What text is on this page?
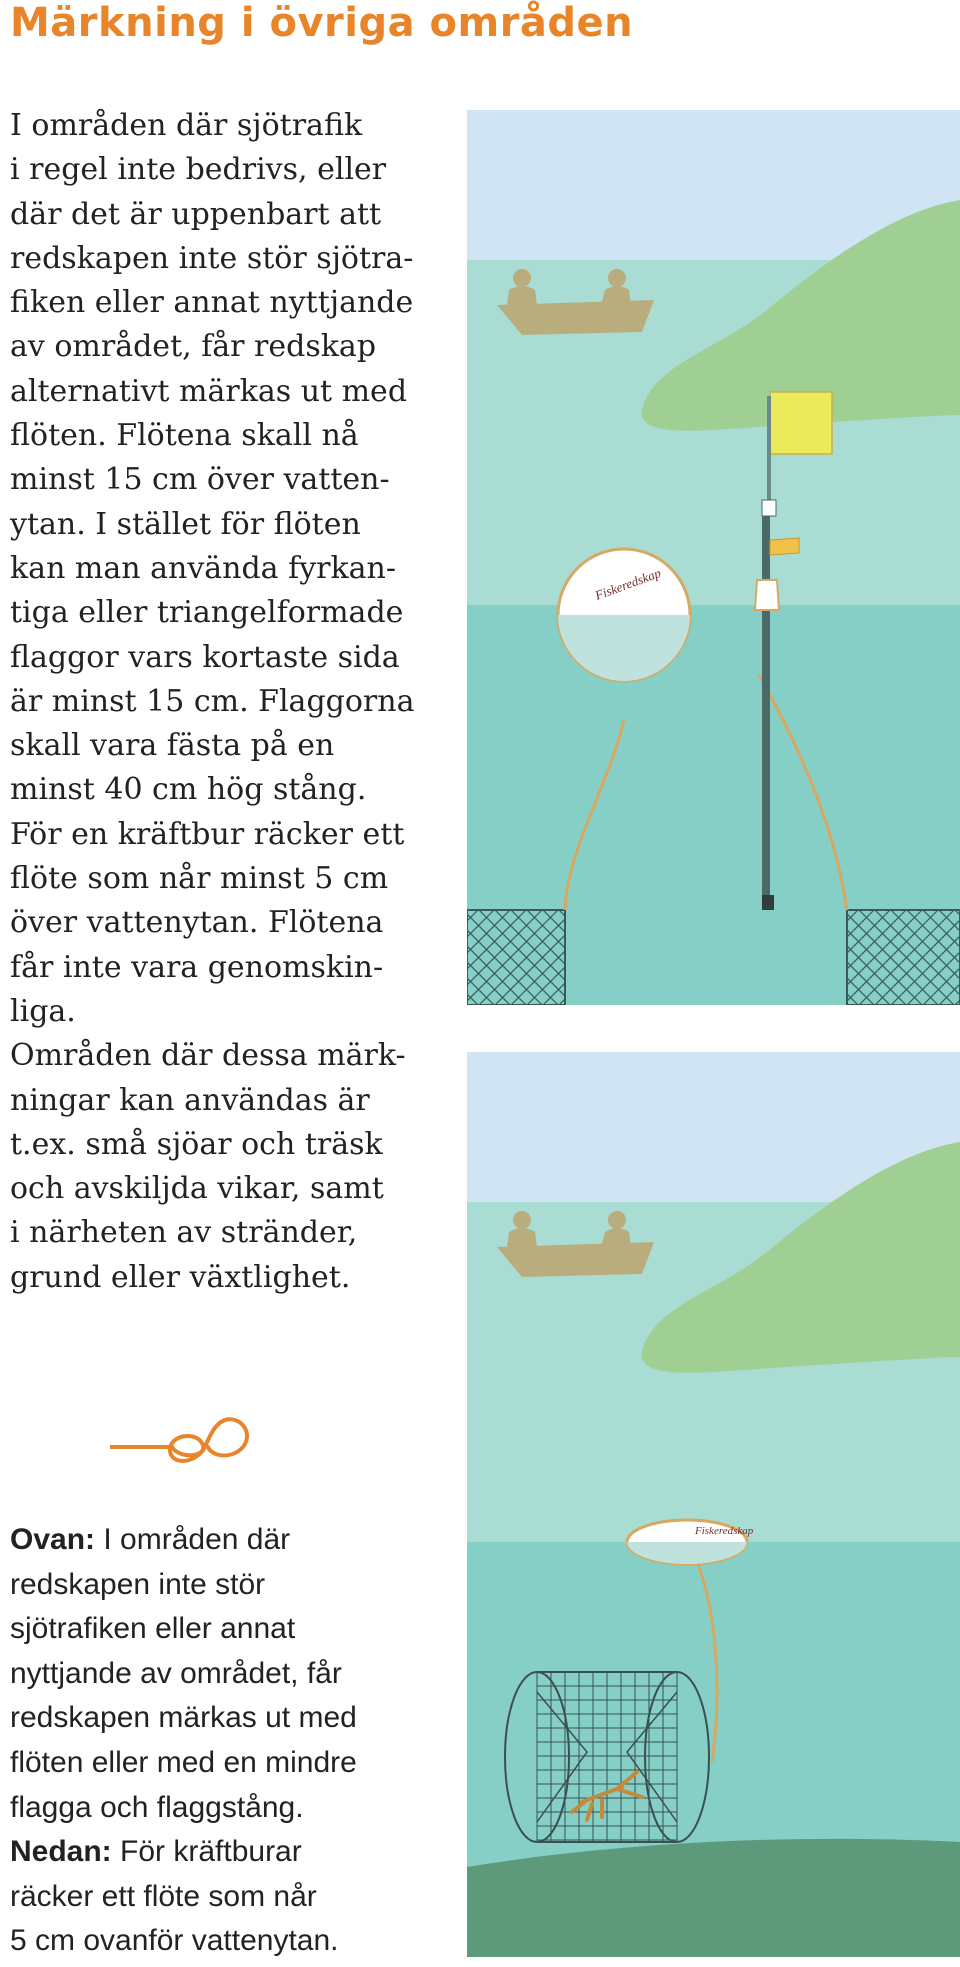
Märkning i övriga områden
I områden där sjötrafik
i regel inte bedrivs, eller
där det är uppenbart att
redskapen inte stör sjötra-
fiken eller annat nyttjande
av området, får redskap
alternativt märkas ut med
flöten. Flötena skall nå
minst 15 cm över vatten-
ytan. I stället för flöten
kan man använda fyrkan-
tiga eller triangelformade
flaggor vars kortaste sida
är minst 15 cm. Flaggorna
skall vara fästa på en
minst 40 cm hög stång.
För en kräftbur räcker ett
flöte som når minst 5 cm
över vattenytan. Flötena
får inte vara genomskin-
liga.
Områden där dessa märk-
ningar kan användas är
t.ex. små sjöar och träsk
och avskiljda vikar, samt
i närheten av stränder,
grund eller växtlighet.
Fiskeredskap
Ovan: I områden där
redskapen inte stör
sjötrafiken eller annat
nyttjande av området, får
redskapen märkas ut med
flöten eller med en mindre
flagga och flaggstång.
Nedan: För kräftburar
räcker ett flöte som når
5 cm ovanför vattenytan.
Fiskeredskap
